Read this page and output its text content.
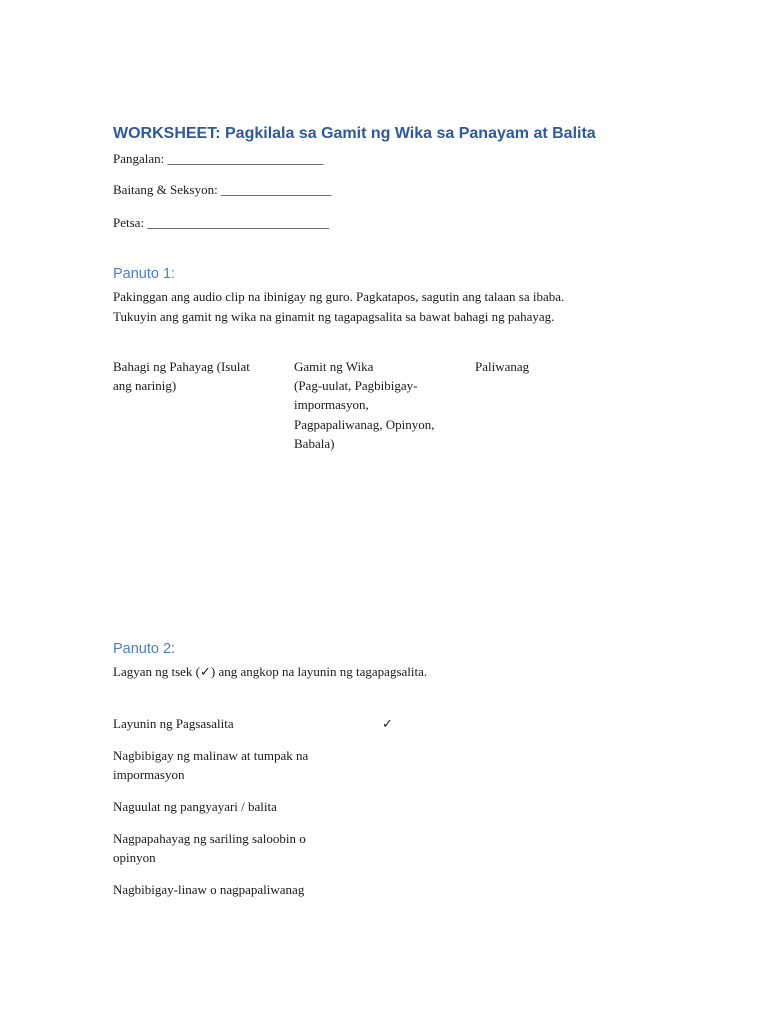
WORKSHEET: Pagkilala sa Gamit ng Wika sa Panayam at Balita
Pangalan: ________________________
Baitang & Seksyon: _________________
Petsa: ____________________________
Panuto 1:
Pakinggan ang audio clip na ibinigay ng guro. Pagkatapos, sagutin ang talaan sa ibaba.
Tukuyin ang gamit ng wika na ginamit ng tagapagsalita sa bawat bahagi ng pahayag.
Bahagi ng Pahayag (Isulat
ang narinig)
Gamit ng Wika
(Pag-uulat, Pagbibigay-
impormasyon,
Pagpapaliwanag, Opinyon,
Babala)
Paliwanag
Panuto 2:
Lagyan ng tsek (✓) ang angkop na layunin ng tagapagsalita.
Layunin ng Pagsasalita	✓
Nagbibigay ng malinaw at tumpak na
impormasyon
Naguulat ng pangyayari / balita
Nagpapahayag ng sariling saloobin o
opinyon
Nagbibigay-linaw o nagpapaliwanag
